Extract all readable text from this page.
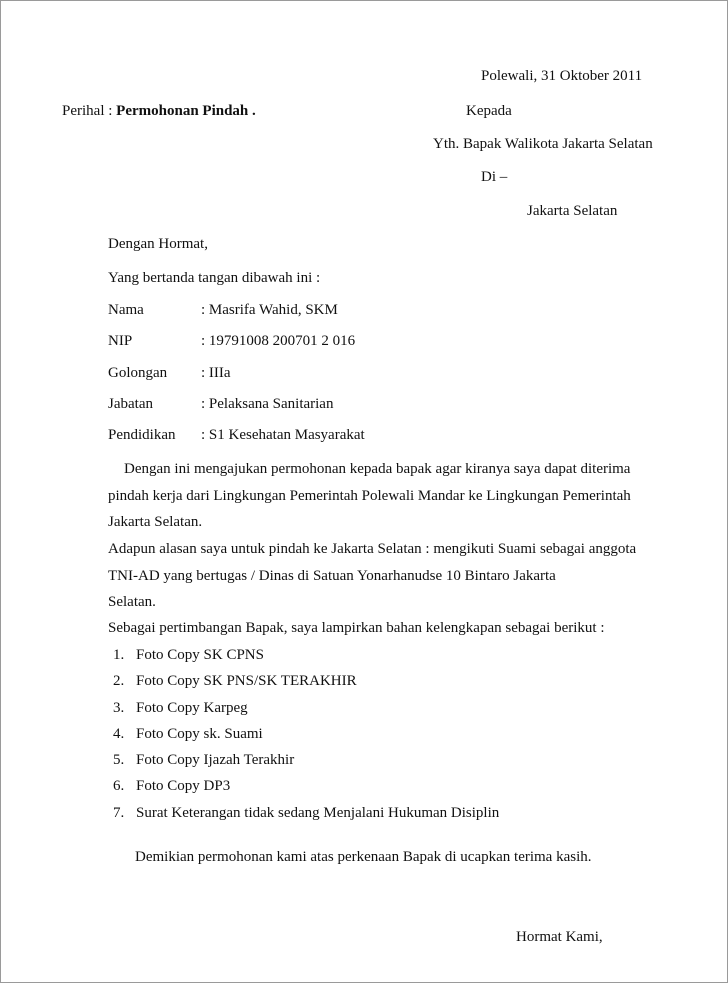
Polewali, 31 Oktober 2011
Perihal : Permohonan Pindah .	Kepada
Yth. Bapak Walikota Jakarta Selatan
Di –
Jakarta Selatan
Dengan Hormat,
Yang bertanda tangan dibawah ini :
Nama	: Masrifa Wahid, SKM
NIP	: 19791008 200701 2 016
Golongan : IIIa
Jabatan	: Pelaksana Sanitarian
Pendidikan : S1 Kesehatan Masyarakat
Dengan ini mengajukan permohonan kepada bapak agar kiranya saya dapat diterima
pindah kerja dari Lingkungan Pemerintah Polewali Mandar ke Lingkungan Pemerintah
Jakarta Selatan.
Adapun alasan saya untuk pindah ke Jakarta Selatan : mengikuti Suami sebagai anggota
TNI-AD yang bertugas / Dinas di Satuan Yonarhanudse 10 Bintaro Jakarta
Selatan.
Sebagai pertimbangan Bapak, saya lampirkan bahan kelengkapan sebagai berikut :
1. Foto Copy SK CPNS
2. Foto Copy SK PNS/SK TERAKHIR
3. Foto Copy Karpeg
4. Foto Copy sk. Suami
5. Foto Copy Ijazah Terakhir
6. Foto Copy DP3
7. Surat Keterangan tidak sedang Menjalani Hukuman Disiplin
Demikian permohonan kami atas perkenaan Bapak di ucapkan terima kasih.
Hormat Kami,
